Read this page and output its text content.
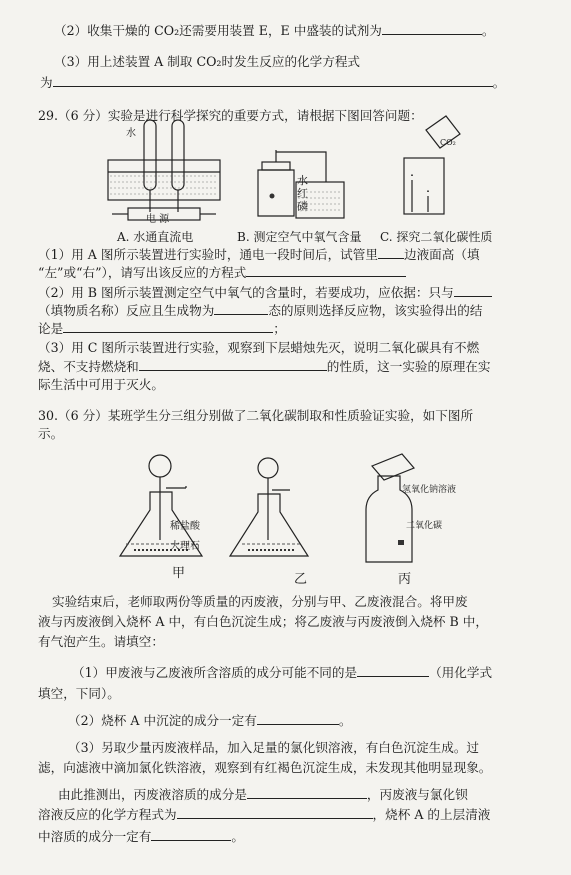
（2）收集干燥的 CO₂还需要用装置 E，E 中盛装的试剂为	。
（3）用上述装置 A 制取 CO₂时发生反应的化学方程式
为	。
29.（6 分）实验是进行科学探究的重要方式，请根据下图回答问题：
水
电 源
水
红
磷
CO₂
A. 水通直流电	B. 测定空气中氧气含量 C. 探究二氧化碳性质
（1）用 A 图所示装置进行实验时，通电一段时间后，试管里 边液面高（填
“左”或“右”），请写出该反应的方程式
（2）用 B 图所示装置测定空气中氧气的含量时，若要成功，应依据：只与
（填物质名称）反应且生成物为	态的原则选择反应物，该实验得出的结
论是	；
（3）用 C 图所示装置进行实验，观察到下层蜡烛先灭，说明二氧化碳具有不燃
烧、不支持燃烧和	的性质，这一实验的原理在实
际生活中可用于灭火。
30.（6 分）某班学生分三组分别做了二氧化碳制取和性质验证实验，如下图所
示。
稀盐酸
大理石
氢氧化钠溶液
二氧化碳
甲	乙	丙
实验结束后，老师取两份等质量的丙废液，分别与甲、乙废液混合。将甲废
液与丙废液倒入烧杯 A 中，有白色沉淀生成；将乙废液与丙废液倒入烧杯 B 中，
有气泡产生。请填空：
（1）甲废液与乙废液所含溶质的成分可能不同的是	（用化学式
填空，下同）。
（2）烧杯 A 中沉淀的成分一定有	。
（3）另取少量丙废液样品，加入足量的氯化钡溶液，有白色沉淀生成。过
滤，向滤液中滴加氯化铁溶液，观察到有红褐色沉淀生成，未发现其他明显现象。
由此推测出，丙废液溶质的成分是	，丙废液与氯化钡
溶液反应的化学方程式为	，烧杯 A 的上层清液
中溶质的成分一定有	。
